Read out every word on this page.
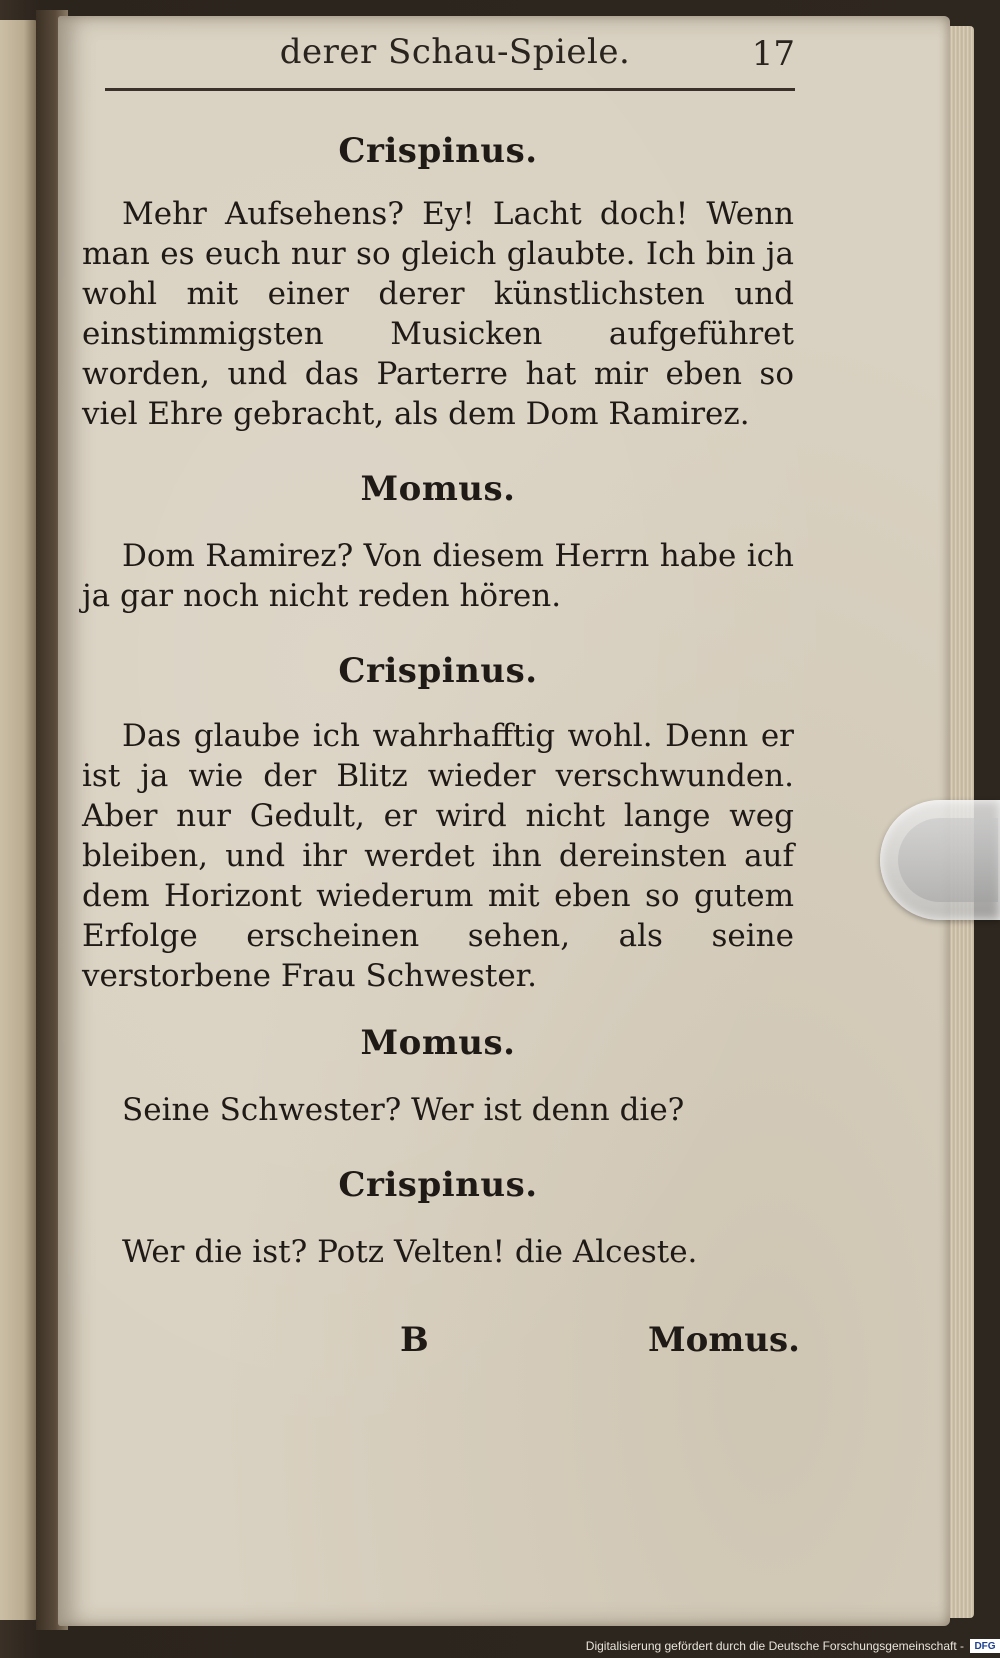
derer Schau-Spiele.	17

Crispinus.

Mehr Aufsehens? Ey! Lacht doch! Wenn man es euch nur so gleich glaubte. Ich bin ja wohl mit einer derer künstlichsten und einstimmigsten Musicken aufgeführet worden, und das Parterre hat mir eben so viel Ehre gebracht, als dem Dom Ramirez.

Momus.

Dom Ramirez? Von diesem Herrn habe ich ja gar noch nicht reden hören.

Crispinus.

Das glaube ich wahrhafftig wohl. Denn er ist ja wie der Blitz wieder verschwunden. Aber nur Gedult, er wird nicht lange weg bleiben, und ihr werdet ihn dereinsten auf dem Horizont wiederum mit eben so gutem Erfolge erscheinen sehen, als seine verstorbene Frau Schwester.

Momus.

Seine Schwester? Wer ist denn die?

Crispinus.

Wer die ist? Potz Velten! die Alceste.

B	Momus.
Digitalisierung gefördert durch die Deutsche Forschungsgemeinschaft -	DFG
